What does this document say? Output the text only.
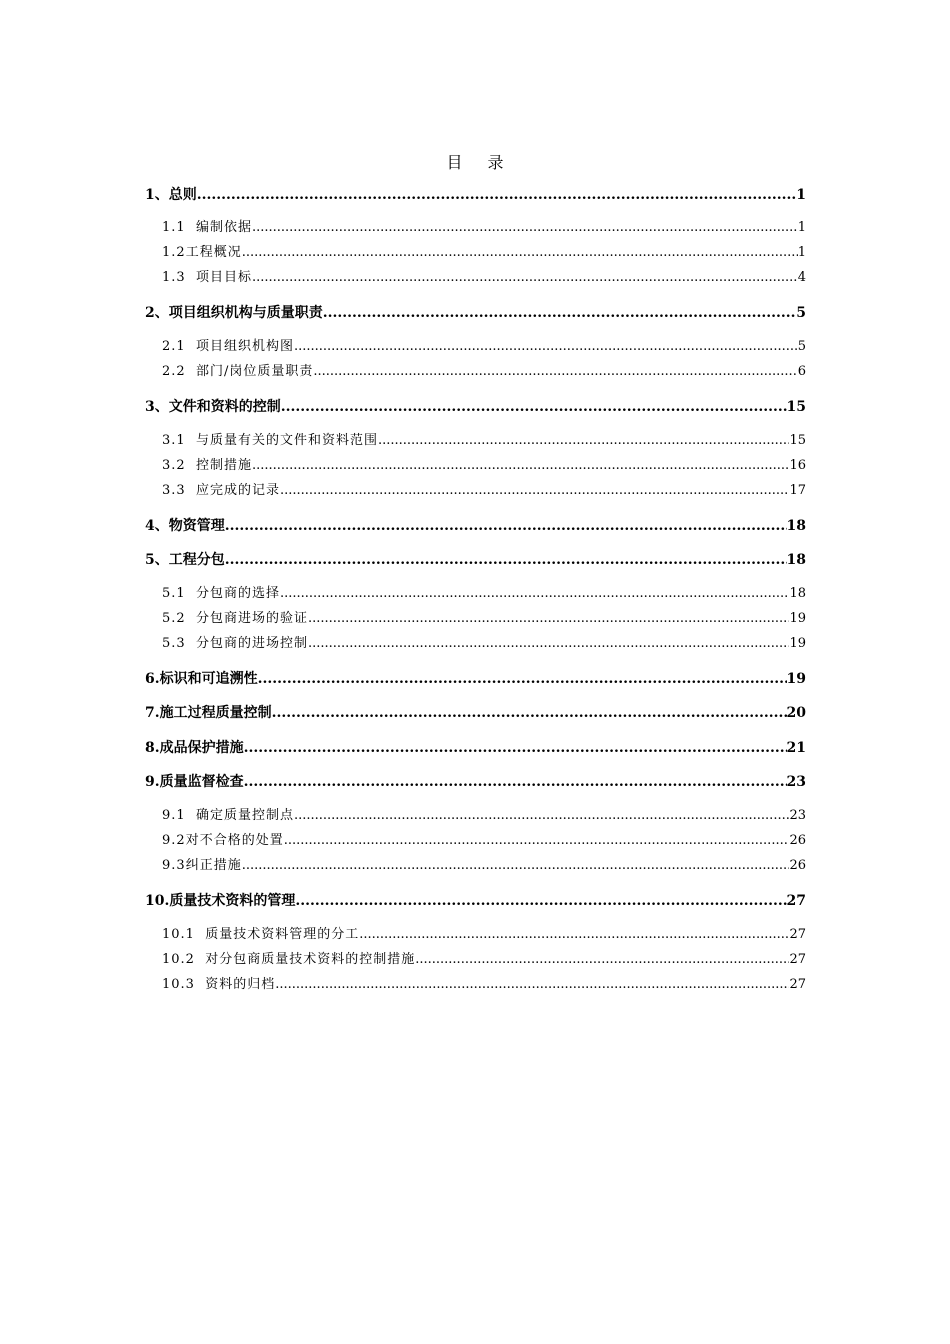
目 录
1、总则 .....	1
1.1 编制依据 .....	1
1.2工程概况 .....	1
1.3 项目目标 .....	4
2、项目组织机构与质量职责 .....	5
2.1 项目组织机构图 .....	5
2.2 部门/岗位质量职责 .....	6
3、文件和资料的控制 .....	15
3.1 与质量有关的文件和资料范围 .....	15
3.2 控制措施 .....	16
3.3 应完成的记录 .....	17
4、物资管理 .....	18
5、工程分包 .....	18
5.1 分包商的选择 .....	18
5.2 分包商进场的验证 .....	19
5.3 分包商的进场控制 .....	19
6.标识和可追溯性 .....	19
7.施工过程质量控制 .....	20
8.成品保护措施 .....	21
9.质量监督检查 .....	23
9.1 确定质量控制点 .....	23
9.2对不合格的处置 .....	26
9.3纠正措施 .....	26
10.质量技术资料的管理 .....	27
10.1 质量技术资料管理的分工 .....	27
10.2 对分包商质量技术资料的控制措施 .....	27
10.3 资料的归档 .....	27
